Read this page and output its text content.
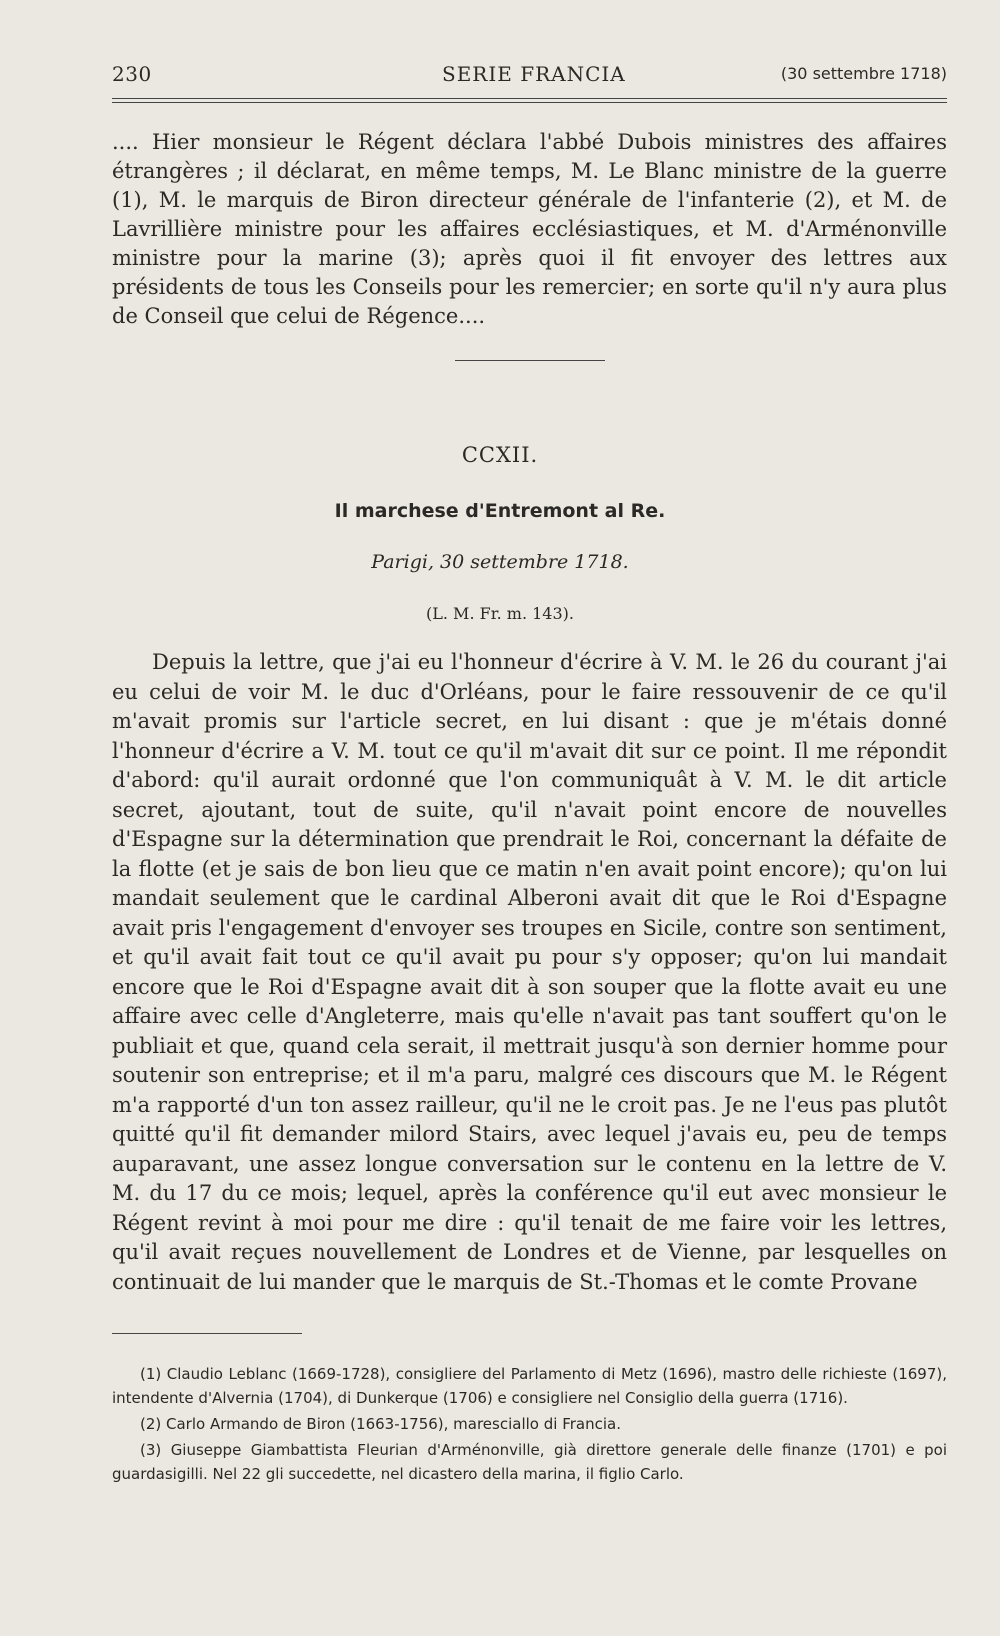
230	SERIE FRANCIA	(30 settembre 1718)

.... Hier monsieur le Régent déclara l'abbé Dubois ministres des affaires étrangères ; il déclarat, en même temps, M. Le Blanc ministre de la guerre (1), M. le marquis de Biron directeur générale de l'infanterie (2), et M. de Lavrillière ministre pour les affaires ecclésiastiques, et M. d'Arménonville ministre pour la marine (3); après quoi il fit envoyer des lettres aux présidents de tous les Conseils pour les remercier; en sorte qu'il n'y aura plus de Conseil que celui de Régence....

CCXII.
Il marchese d'Entremont al Re.
Parigi, 30 settembre 1718.
(L. M. Fr. m. 143).

Depuis la lettre, que j'ai eu l'honneur d'écrire à V. M. le 26 du courant j'ai eu celui de voir M. le duc d'Orléans, pour le faire ressouvenir de ce qu'il m'avait promis sur l'article secret, en lui disant : que je m'étais donné l'honneur d'écrire a V. M. tout ce qu'il m'avait dit sur ce point. Il me répondit d'abord: qu'il aurait ordonné que l'on communiquât à V. M. le dit article secret, ajoutant, tout de suite, qu'il n'avait point encore de nouvelles d'Espagne sur la détermination que prendrait le Roi, concernant la défaite de la flotte (et je sais de bon lieu que ce matin n'en avait point encore); qu'on lui mandait seulement que le cardinal Alberoni avait dit que le Roi d'Espagne avait pris l'engagement d'envoyer ses troupes en Sicile, contre son sentiment, et qu'il avait fait tout ce qu'il avait pu pour s'y opposer; qu'on lui mandait encore que le Roi d'Espagne avait dit à son souper que la flotte avait eu une affaire avec celle d'Angleterre, mais qu'elle n'avait pas tant souffert qu'on le publiait et que, quand cela serait, il mettrait jusqu'à son dernier homme pour soutenir son entreprise; et il m'a paru, malgré ces discours que M. le Régent m'a rapporté d'un ton assez railleur, qu'il ne le croit pas. Je ne l'eus pas plutôt quitté qu'il fit demander milord Stairs, avec lequel j'avais eu, peu de temps auparavant, une assez longue conversation sur le contenu en la lettre de V. M. du 17 du ce mois; lequel, après la conférence qu'il eut avec monsieur le Régent revint à moi pour me dire : qu'il tenait de me faire voir les lettres, qu'il avait reçues nouvellement de Londres et de Vienne, par lesquelles on continuait de lui mander que le marquis de St.-Thomas et le comte Provane

(1) Claudio Leblanc (1669-1728), consigliere del Parlamento di Metz (1696), mastro delle richieste (1697), intendente d'Alvernia (1704), di Dunkerque (1706) e consigliere nel Consiglio della guerra (1716).

(2) Carlo Armando de Biron (1663-1756), maresciallo di Francia.

(3) Giuseppe Giambattista Fleurian d'Arménonville, già direttore generale delle finanze (1701) e poi guardasigilli. Nel 22 gli succedette, nel dicastero della marina, il figlio Carlo.
